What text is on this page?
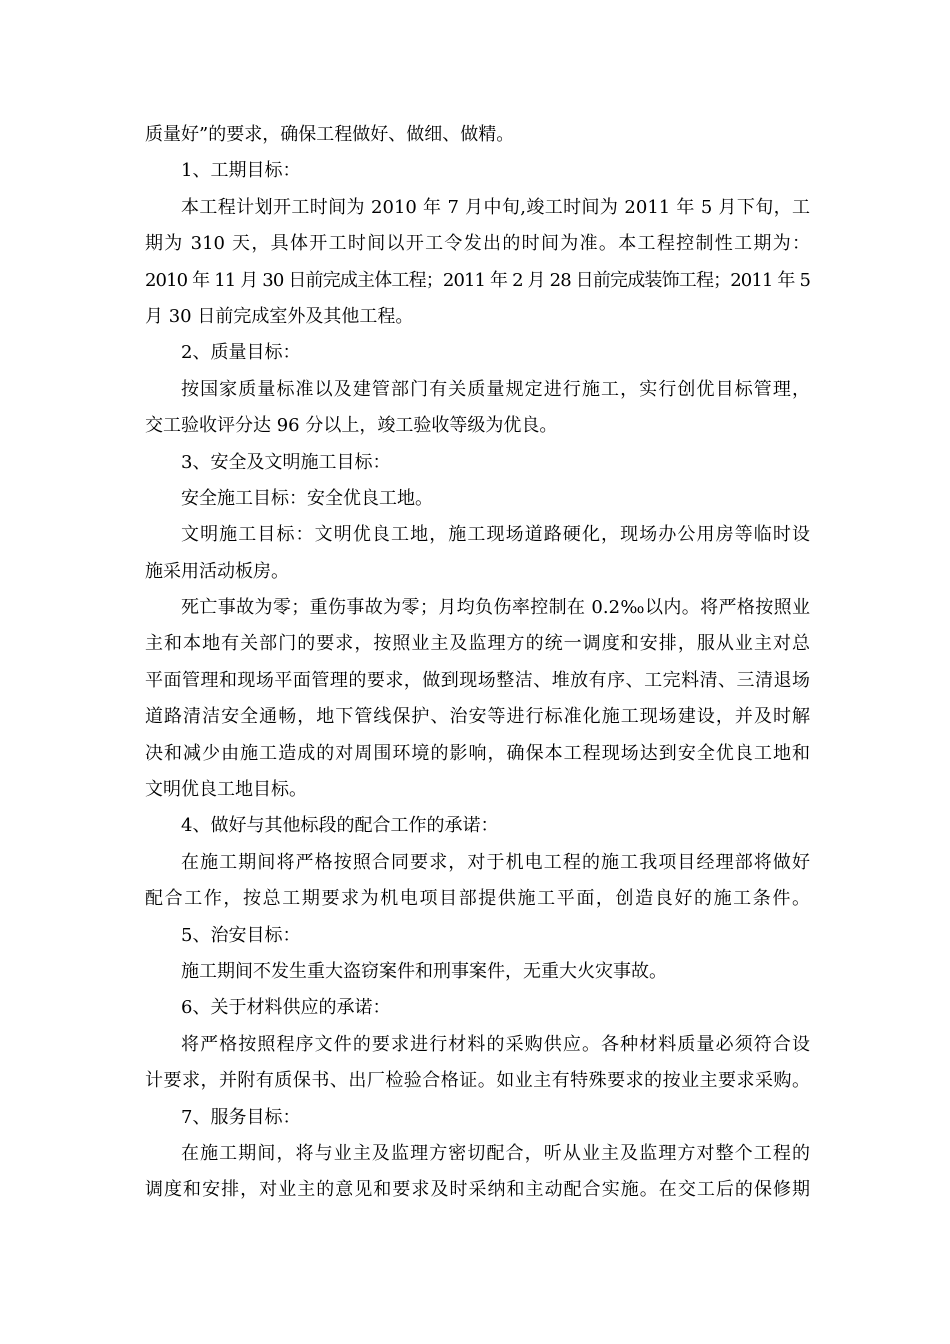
质量好”的要求，确保工程做好、做细、做精。
1、工期目标：
本工程计划开工时间为 2010 年 7 月中旬,竣工时间为 2011 年 5 月下旬，工
期为 310 天，具体开工时间以开工令发出的时间为准。本工程控制性工期为：
2010 年 11 月 30 日前完成主体工程；2011 年 2 月 28 日前完成装饰工程；2011 年 5
月 30 日前完成室外及其他工程。
2、质量目标：
按国家质量标准以及建管部门有关质量规定进行施工，实行创优目标管理，
交工验收评分达 96 分以上，竣工验收等级为优良。
3、安全及文明施工目标：
安全施工目标：安全优良工地。
文明施工目标：文明优良工地，施工现场道路硬化，现场办公用房等临时设
施采用活动板房。
死亡事故为零；重伤事故为零；月均负伤率控制在 0.2‰以内。将严格按照业
主和本地有关部门的要求，按照业主及监理方的统一调度和安排，服从业主对总
平面管理和现场平面管理的要求，做到现场整洁、堆放有序、工完料清、三清退场
道路清洁安全通畅，地下管线保护、治安等进行标准化施工现场建设，并及时解
决和减少由施工造成的对周围环境的影响，确保本工程现场达到安全优良工地和
文明优良工地目标。
4、做好与其他标段的配合工作的承诺：
在施工期间将严格按照合同要求，对于机电工程的施工我项目经理部将做好
配合工作，按总工期要求为机电项目部提供施工平面，创造良好的施工条件。
5、治安目标：
施工期间不发生重大盗窃案件和刑事案件，无重大火灾事故。
6、关于材料供应的承诺：
将严格按照程序文件的要求进行材料的采购供应。各种材料质量必须符合设
计要求，并附有质保书、出厂检验合格证。如业主有特殊要求的按业主要求采购。
7、服务目标：
在施工期间，将与业主及监理方密切配合，听从业主及监理方对整个工程的
调度和安排，对业主的意见和要求及时采纳和主动配合实施。在交工后的保修期
